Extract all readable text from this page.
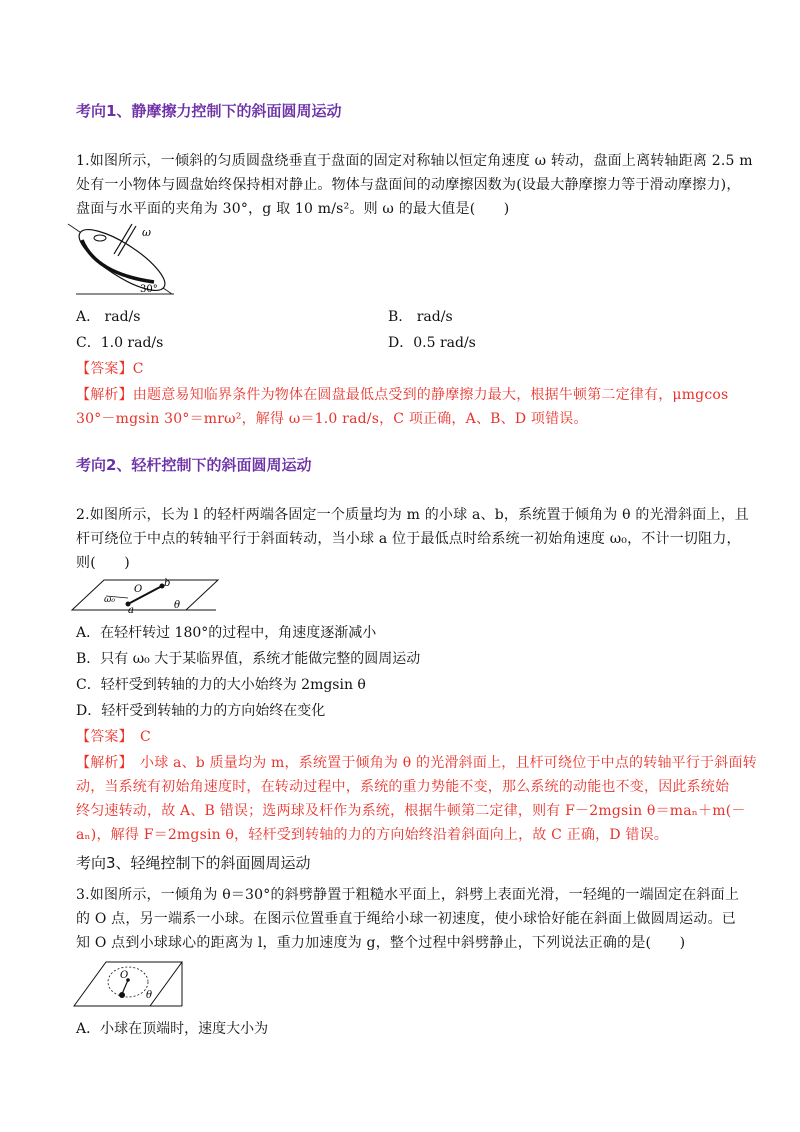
考向1、静摩擦力控制下的斜面圆周运动
1.如图所示，一倾斜的匀质圆盘绕垂直于盘面的固定对称轴以恒定角速度 ω 转动，盘面上离转轴距离 2.5 m
处有一小物体与圆盘始终保持相对静止。物体与盘面间的动摩擦因数为(设最大静摩擦力等于滑动摩擦力)，
盘面与水平面的夹角为 30°，g 取 10 m/s²。则 ω 的最大值是(　　)
ω
30°
A.　rad/s	B.　rad/s
C．1.0 rad/s	D．0.5 rad/s
【答案】C
【解析】由题意易知临界条件为物体在圆盘最低点受到的静摩擦力最大，根据牛顿第二定律有，μmgcos
30°－mgsin 30°＝mrω²，解得 ω＝1.0 rad/s，C 项正确，A、B、D 项错误。
考向2、轻杆控制下的斜面圆周运动
2.如图所示，长为 l 的轻杆两端各固定一个质量均为 m 的小球 a、b，系统置于倾角为 θ 的光滑斜面上，且
杆可绕位于中点的转轴平行于斜面转动，当小球 a 位于最低点时给系统一初始角速度 ω₀，不计一切阻力，
则(　　)
O
b
a
ω₀	θ
A．在轻杆转过 180°的过程中，角速度逐渐减小
B．只有 ω₀ 大于某临界值，系统才能做完整的圆周运动
C．轻杆受到转轴的力的大小始终为 2mgsin θ
D．轻杆受到转轴的力的方向始终在变化
【答案】　C
【解析】　小球 a、b 质量均为 m，系统置于倾角为 θ 的光滑斜面上，且杆可绕位于中点的转轴平行于斜面转
动，当系统有初始角速度时，在转动过程中，系统的重力势能不变，那么系统的动能也不变，因此系统始
终匀速转动，故 A、B 错误；选两球及杆作为系统，根据牛顿第二定律，则有 F－2mgsin θ＝maₙ＋m(－
aₙ)，解得 F＝2mgsin θ，轻杆受到转轴的力的方向始终沿着斜面向上，故 C 正确，D 错误。
考向3、轻绳控制下的斜面圆周运动
3.如图所示，一倾角为 θ＝30°的斜劈静置于粗糙水平面上，斜劈上表面光滑，一轻绳的一端固定在斜面上
的 O 点，另一端系一小球。在图示位置垂直于绳给小球一初速度，使小球恰好能在斜面上做圆周运动。已
知 O 点到小球球心的距离为 l，重力加速度为 g，整个过程中斜劈静止，下列说法正确的是(　　)
O
θ
A．小球在顶端时，速度大小为
